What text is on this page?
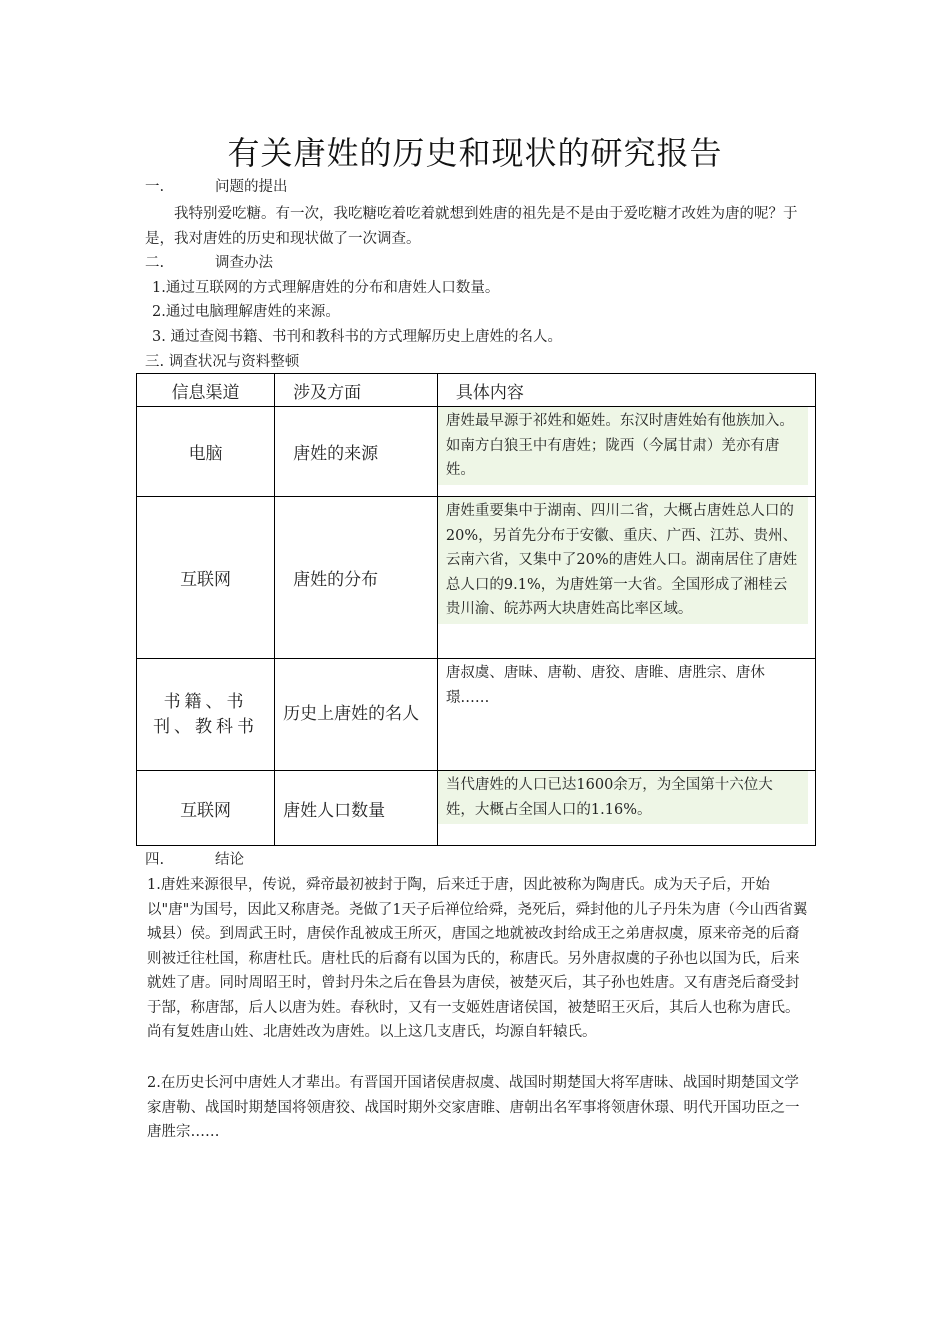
有关唐姓的历史和现状的研究报告
一.	问题的提出
我特别爱吃糖。有一次，我吃糖吃着吃着就想到姓唐的祖先是不是由于爱吃糖才改姓为唐的呢？于是，我对唐姓的历史和现状做了一次调查。
二.	调查办法
1.通过互联网的方式理解唐姓的分布和唐姓人口数量。
2.通过电脑理解唐姓的来源。
3. 通过查阅书籍、书刊和教科书的方式理解历史上唐姓的名人。
三. 调查状况与资料整顿
信息渠道	涉及方面	具体内容
电脑	唐姓的来源	唐姓最早源于祁姓和姬姓。东汉时唐姓始有他族加入。如南方白狼王中有唐姓；陇西（今属甘肃）羌亦有唐姓。

互联网	唐姓的分布	唐姓重要集中于湖南、四川二省，大概占唐姓总人口的20%，另首先分布于安徽、重庆、广西、江苏、贵州、云南六省，又集中了20%的唐姓人口。湖南居住了唐姓总人口的9.1%，为唐姓第一大省。全国形成了湘桂云贵川渝、皖苏两大块唐姓高比率区域。

书籍、书刊、教科书	历史上唐姓的名人	唐叔虞、唐昧、唐勒、唐狡、唐睢、唐胜宗、唐休璟……

互联网	唐姓人口数量	当代唐姓的人口已达1600余万，为全国第十六位大姓，大概占全国人口的1.16%。
四.	结论
1.唐姓来源很早，传说，舜帝最初被封于陶，后来迁于唐，因此被称为陶唐氏。成为天子后，开始以"唐"为国号，因此又称唐尧。尧做了1天子后禅位给舜，尧死后，舜封他的儿子丹朱为唐（今山西省翼城县）侯。到周武王时，唐侯作乱被成王所灭，唐国之地就被改封给成王之弟唐叔虞，原来帝尧的后裔则被迁往杜国，称唐杜氏。唐杜氏的后裔有以国为氏的，称唐氏。另外唐叔虞的子孙也以国为氏，后来就姓了唐。同时周昭王时，曾封丹朱之后在鲁县为唐侯，被楚灭后，其子孙也姓唐。又有唐尧后裔受封于郜，称唐郜，后人以唐为姓。春秋时，又有一支姬姓唐诸侯国，被楚昭王灭后，其后人也称为唐氏。尚有复姓唐山姓、北唐姓改为唐姓。以上这几支唐氏，均源自轩辕氏。
2.在历史长河中唐姓人才辈出。有晋国开国诸侯唐叔虞、战国时期楚国大将军唐昧、战国时期楚国文学家唐勒、战国时期楚国将领唐狡、战国时期外交家唐睢、唐朝出名军事将领唐休璟、明代开国功臣之一唐胜宗……
